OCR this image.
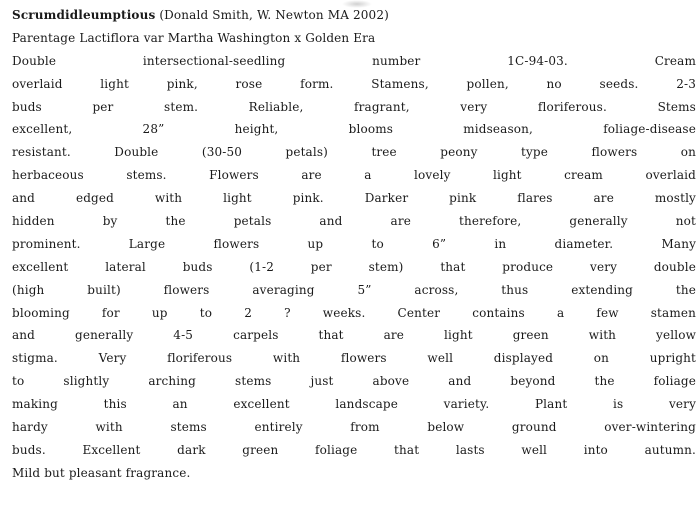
Scrumdidleumptious (Donald Smith, W. Newton MA 2002)
Parentage Lactiflora var Martha Washington x Golden Era
Double intersectional-seedling number 1C-94-03. Cream
overlaid light pink, rose form. Stamens, pollen, no seeds. 2-3
buds per stem. Reliable, fragrant, very floriferous. Stems
excellent, 28” height, blooms midseason, foliage-disease
resistant. Double (30-50 petals) tree peony type flowers on
herbaceous stems. Flowers are a lovely light cream overlaid
and edged with light pink. Darker pink flares are mostly
hidden by the petals and are therefore, generally not
prominent. Large flowers up to 6” in diameter. Many
excellent lateral buds (1-2 per stem) that produce very double
(high built) flowers averaging 5” across, thus extending the
blooming for up to 2 ? weeks. Center contains a few stamen
and generally 4-5 carpels that are light green with yellow
stigma. Very floriferous with flowers well displayed on upright
to slightly arching stems just above and beyond the foliage
making this an excellent landscape variety. Plant is very
hardy with stems entirely from below ground over-wintering
buds. Excellent dark green foliage that lasts well into autumn.
Mild but pleasant fragrance.
